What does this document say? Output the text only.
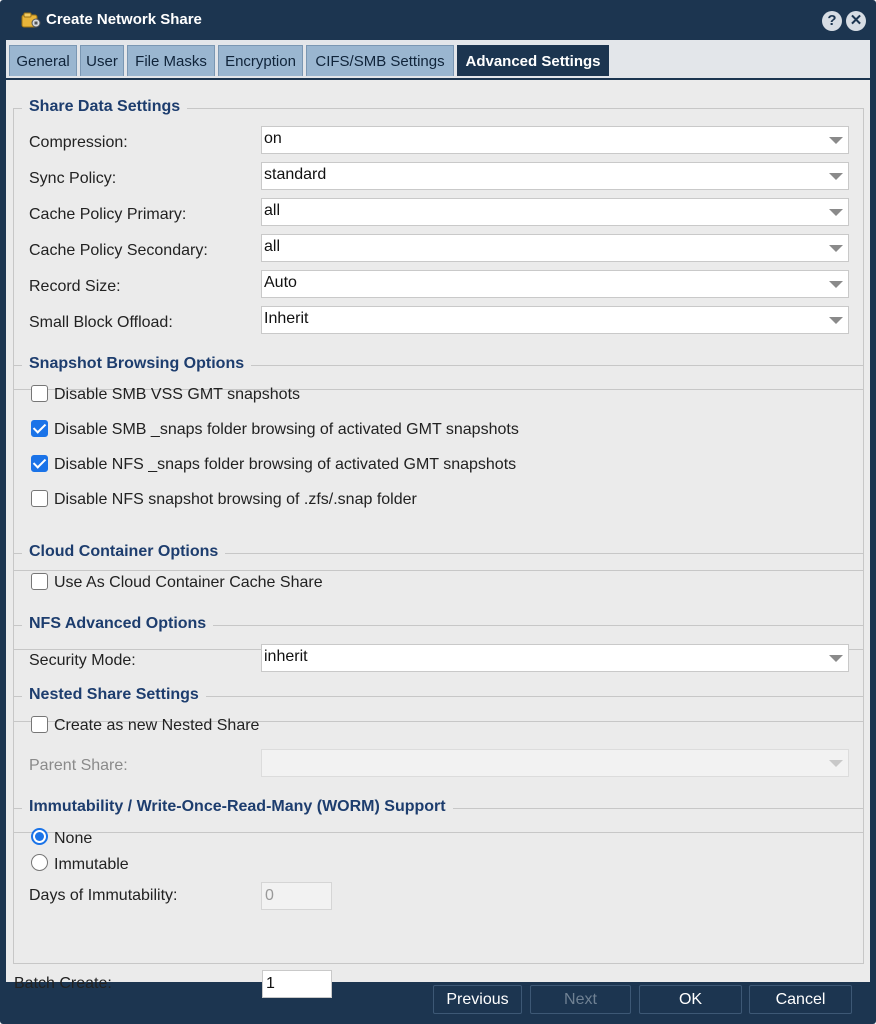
Create Network Share	? ✕
General	User	File Masks	Encryption	CIFS/SMB Settings	Advanced Settings
Share Data Settings
Compression:	on
Sync Policy:	standard
Cache Policy Primary:	all
Cache Policy Secondary:	all
Record Size:	Auto
Small Block Offload:	Inherit
Snapshot Browsing Options
Disable SMB VSS GMT snapshots
Disable SMB _snaps folder browsing of activated GMT snapshots
Disable NFS _snaps folder browsing of activated GMT snapshots
Disable NFS snapshot browsing of .zfs/.snap folder
Cloud Container Options
Use As Cloud Container Cache Share
NFS Advanced Options
Security Mode:	inherit
Nested Share Settings
Create as new Nested Share
Parent Share:
Immutability / Write-Once-Read-Many (WORM) Support
None
Immutable
Days of Immutability:	0
Batch Create:	1
Previous	Next	OK	Cancel
